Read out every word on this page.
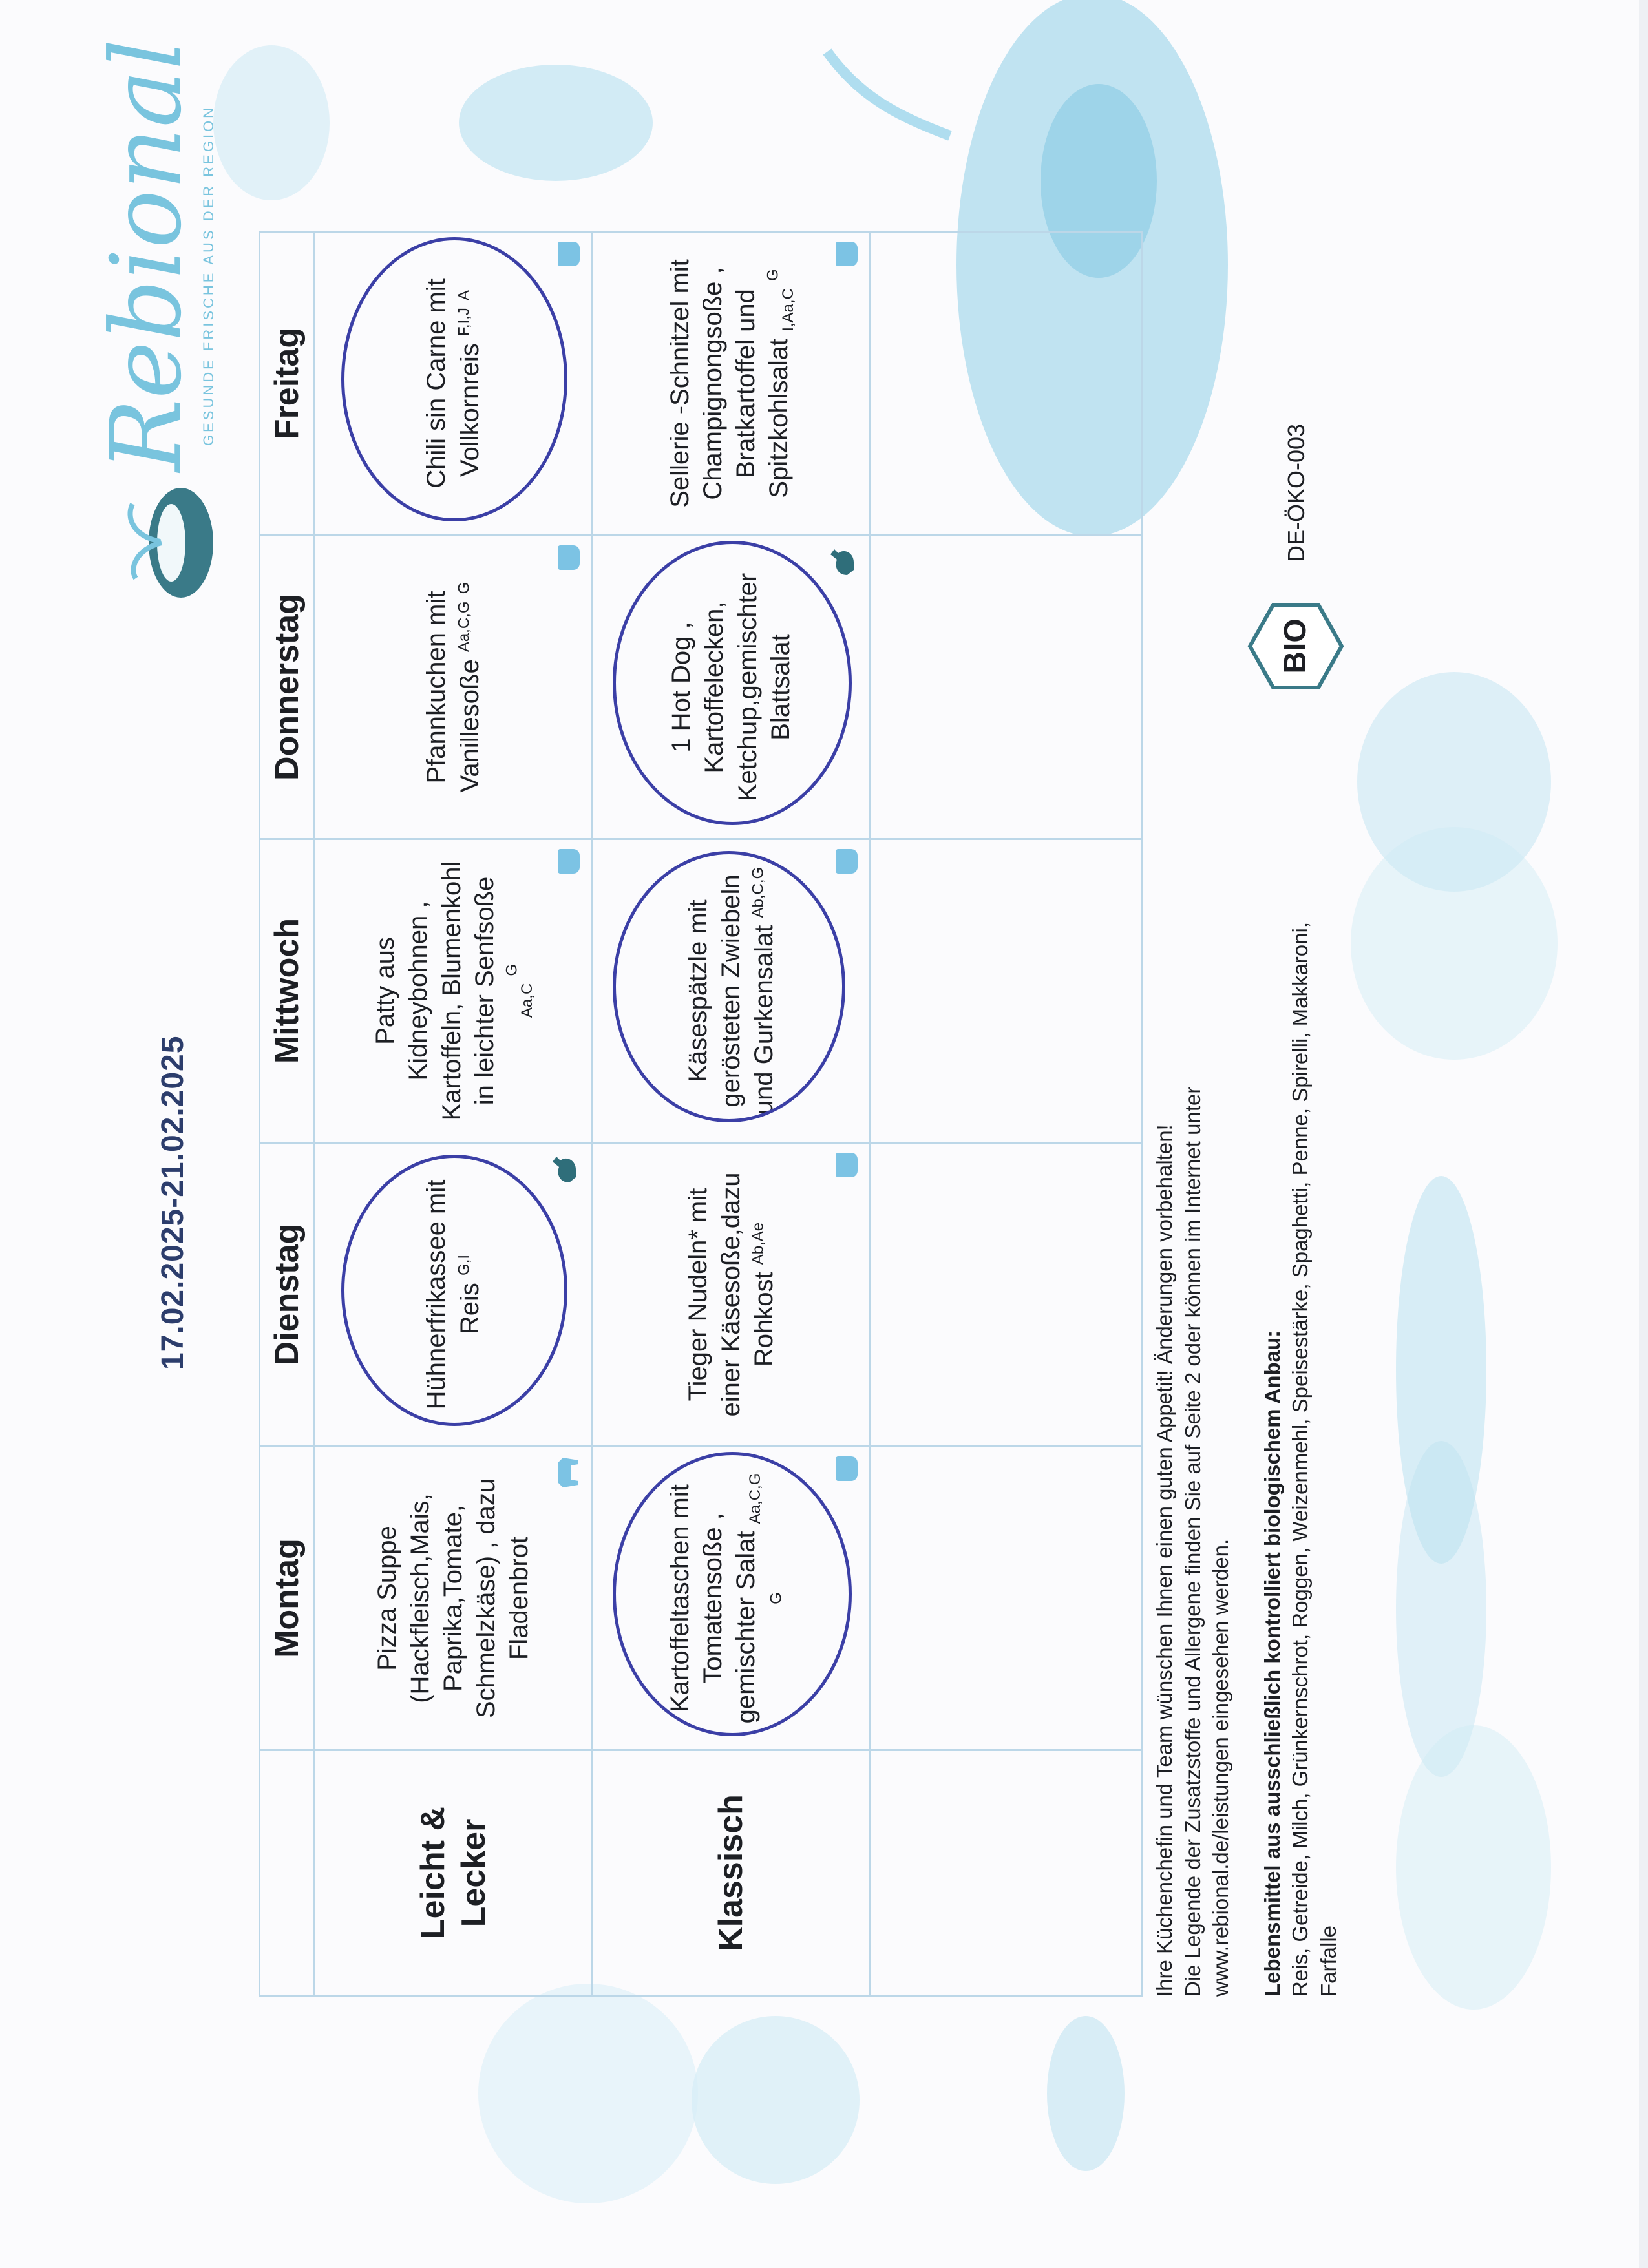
17.02.2025-21.02.2025
Rebional
GESUNDE FRISCHE AUS DER REGION
	Montag	Dienstag	Mittwoch	Donnerstag	Freitag
Leicht & Lecker	Pizza Suppe (Hackfleisch,Mais, Paprika,Tomate, Schmelzkäse) , dazu Fladenbrot	Hühnerfrikassee mit Reis $^{G,I}$	Patty aus Kidneybohnen , Kartoffeln, Blumenkohl in leichter Senfsoße $_{Aa,C}$ $^G$	Pfannkuchen mit Vanillesoße $^{Aa,C,G}$ $^G$	Chili sin Carne mit Vollkornreis $^{F,I,J}$ $^A$

Klassisch	Kartoffeltaschen mit Tomatensoße , gemischter Salat $_{Aa,C,G}$ $^G$	Tieger Nudeln* mit einer Käsesoße,dazu Rohkost $^{Ab,Ae}$	Käsespätzle mit gerösteten Zwiebeln und Gurkensalat $^{Ab,C,G}$	1 Hot Dog , Kartoffelecken, Ketchup,gemischter Blattsalat	Sellerie -Schnitzel mit Champignongsoße , Bratkartoffel und Spitzkohlsalat $_{I,Aa,C}$ $^G$

Ihre Küchenchefin und Team wünschen Ihnen einen guten Appetit! Änderungen vorbehalten! Die Legende der Zusatzstoffe und Allergene finden Sie auf Seite 2 oder können im Internet unter www.rebional.de/leistungen eingesehen werden. Lebensmittel aus ausschließlich kontrolliert biologischem Anbau: Reis, Getreide, Milch, Grünkernschrot, Roggen, Weizenmehl, Speisestärke, Spaghetti, Penne, Spirelli, Makkaroni, Farfalle

BIO
DE-ÖKO-003
